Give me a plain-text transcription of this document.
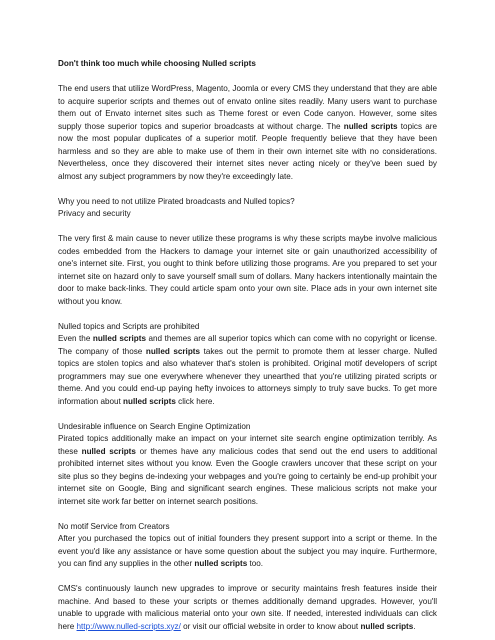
Don't think too much while choosing Nulled scripts

The end users that utilize WordPress, Magento, Joomla or every CMS they understand that they are able to acquire superior scripts and themes out of envato online sites readily. Many users want to purchase them out of Envato internet sites such as Theme forest or even Code canyon. However, some sites supply those superior topics and superior broadcasts at without charge. The nulled scripts topics are now the most popular duplicates of a superior motif. People frequently believe that they have been harmless and so they are able to make use of them in their own internet site with no considerations. Nevertheless, once they discovered their internet sites never acting nicely or they've been sued by almost any subject programmers by now they're exceedingly late.

Why you need to not utilize Pirated broadcasts and Nulled topics?

Privacy and security

The very first & main cause to never utilize these programs is why these scripts maybe involve malicious codes embedded from the Hackers to damage your internet site or gain unauthorized accessibility of one's internet site. First, you ought to think before utilizing those programs. Are you prepared to set your internet site on hazard only to save yourself small sum of dollars. Many hackers intentionally maintain the door to make back-links. They could article spam onto your own site. Place ads in your own internet site without you know.

Nulled topics and Scripts are prohibited

Even the nulled scripts and themes are all superior topics which can come with no copyright or license. The company of those nulled scripts takes out the permit to promote them at lesser charge. Nulled topics are stolen topics and also whatever that's stolen is prohibited. Original motif developers of script programmers may sue one everywhere whenever they unearthed that you're utilizing pirated scripts or theme. And you could end-up paying hefty invoices to attorneys simply to truly save bucks. To get more information about nulled scripts click here.

Undesirable influence on Search Engine Optimization

Pirated topics additionally make an impact on your internet site search engine optimization terribly. As these nulled scripts or themes have any malicious codes that send out the end users to additional prohibited internet sites without you know. Even the Google crawlers uncover that these script on your site plus so they begins de-indexing your webpages and you're going to certainly be end-up prohibit your internet site on Google, Bing and significant search engines. These malicious scripts not make your internet site work far better on internet search positions.

No motif Service from Creators

After you purchased the topics out of initial founders they present support into a script or theme. In the event you'd like any assistance or have some question about the subject you may inquire. Furthermore, you can find any supplies in the other nulled scripts too.

CMS's continuously launch new upgrades to improve or security maintains fresh features inside their machine. And based to these your scripts or themes additionally demand upgrades. However, you'll unable to upgrade with malicious material onto your own site. If needed, interested individuals can click here http://www.nulled-scripts.xyz/ or visit our official website in order to know about nulled scripts.
